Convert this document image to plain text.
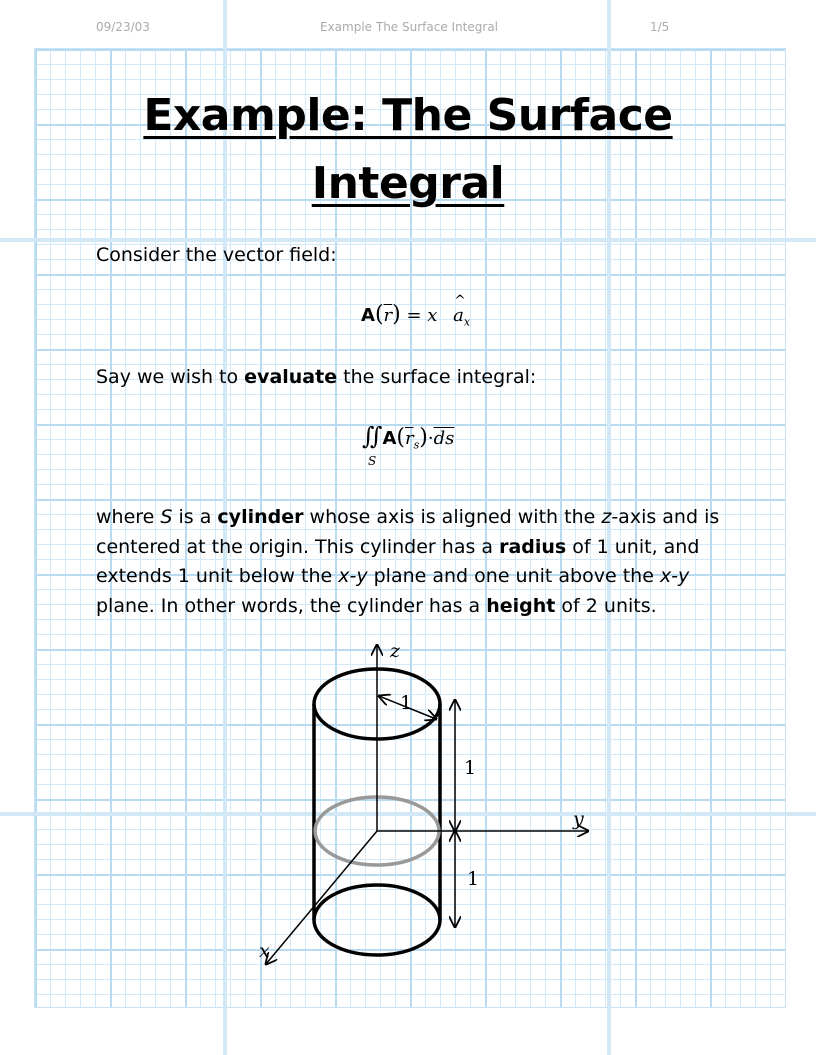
09/23/03	Example The Surface Integral	1/5
Example: The Surface
Integral
Consider the vector field:
$A(\overline{r}) = x$
^
$a_x$
Say we wish to evaluate the surface integral:
$∬A(\overline{r}_s)\cdot\overline{ds}$
S
where S is a cylinder whose axis is aligned with the z-axis and is
centered at the origin. This cylinder has a radius of 1 unit, and
extends 1 unit below the x-y plane and one unit above the x-y
plane. In other words, the cylinder has a height of 2 units.
z
y
x
1
1
1
